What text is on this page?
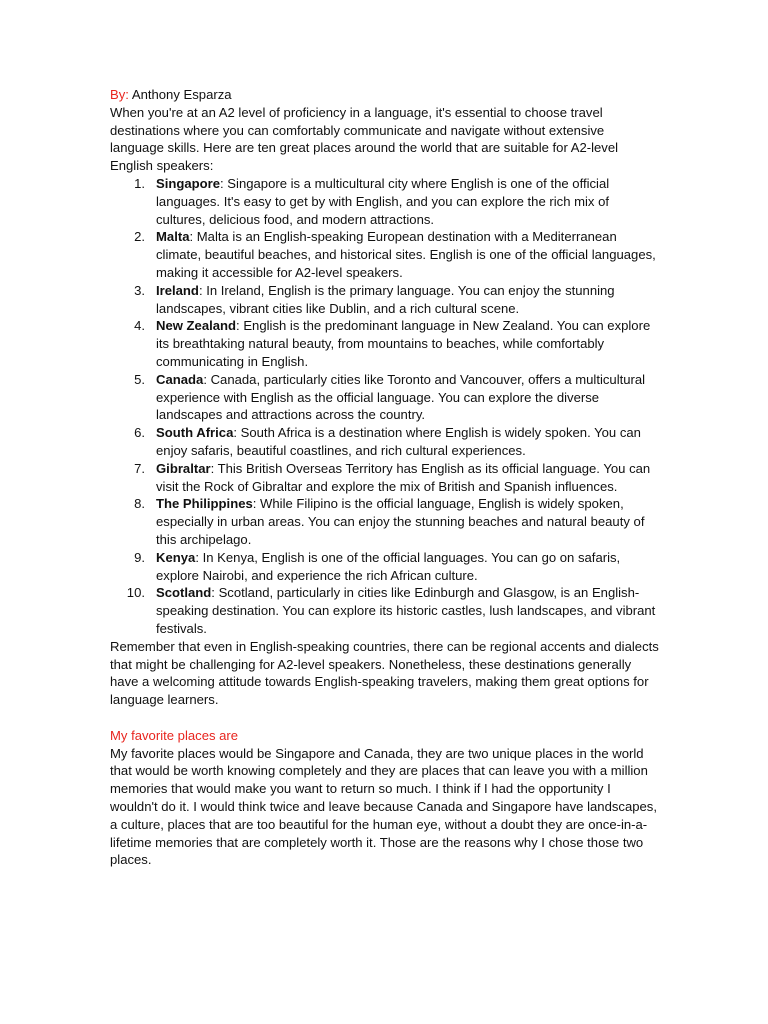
By: Anthony Esparza

When you're at an A2 level of proficiency in a language, it's essential to choose travel destinations where you can comfortably communicate and navigate without extensive language skills. Here are ten great places around the world that are suitable for A2-level English speakers:

1. Singapore: Singapore is a multicultural city where English is one of the official languages. It's easy to get by with English, and you can explore the rich mix of cultures, delicious food, and modern attractions.
2. Malta: Malta is an English-speaking European destination with a Mediterranean climate, beautiful beaches, and historical sites. English is one of the official languages, making it accessible for A2-level speakers.
3. Ireland: In Ireland, English is the primary language. You can enjoy the stunning landscapes, vibrant cities like Dublin, and a rich cultural scene.
4. New Zealand: English is the predominant language in New Zealand. You can explore its breathtaking natural beauty, from mountains to beaches, while comfortably communicating in English.
5. Canada: Canada, particularly cities like Toronto and Vancouver, offers a multicultural experience with English as the official language. You can explore the diverse landscapes and attractions across the country.
6. South Africa: South Africa is a destination where English is widely spoken. You can enjoy safaris, beautiful coastlines, and rich cultural experiences.
7. Gibraltar: This British Overseas Territory has English as its official language. You can visit the Rock of Gibraltar and explore the mix of British and Spanish influences.
8. The Philippines: While Filipino is the official language, English is widely spoken, especially in urban areas. You can enjoy the stunning beaches and natural beauty of this archipelago.
9. Kenya: In Kenya, English is one of the official languages. You can go on safaris, explore Nairobi, and experience the rich African culture.
10. Scotland: Scotland, particularly in cities like Edinburgh and Glasgow, is an English-speaking destination. You can explore its historic castles, lush landscapes, and vibrant festivals.

Remember that even in English-speaking countries, there can be regional accents and dialects that might be challenging for A2-level speakers. Nonetheless, these destinations generally have a welcoming attitude towards English-speaking travelers, making them great options for language learners.

My favorite places are

My favorite places would be Singapore and Canada, they are two unique places in the world that would be worth knowing completely and they are places that can leave you with a million memories that would make you want to return so much. I think if I had the opportunity I wouldn't do it. I would think twice and leave because Canada and Singapore have landscapes, a culture, places that are too beautiful for the human eye, without a doubt they are once-in-a-lifetime memories that are completely worth it. Those are the reasons why I chose those two places.
